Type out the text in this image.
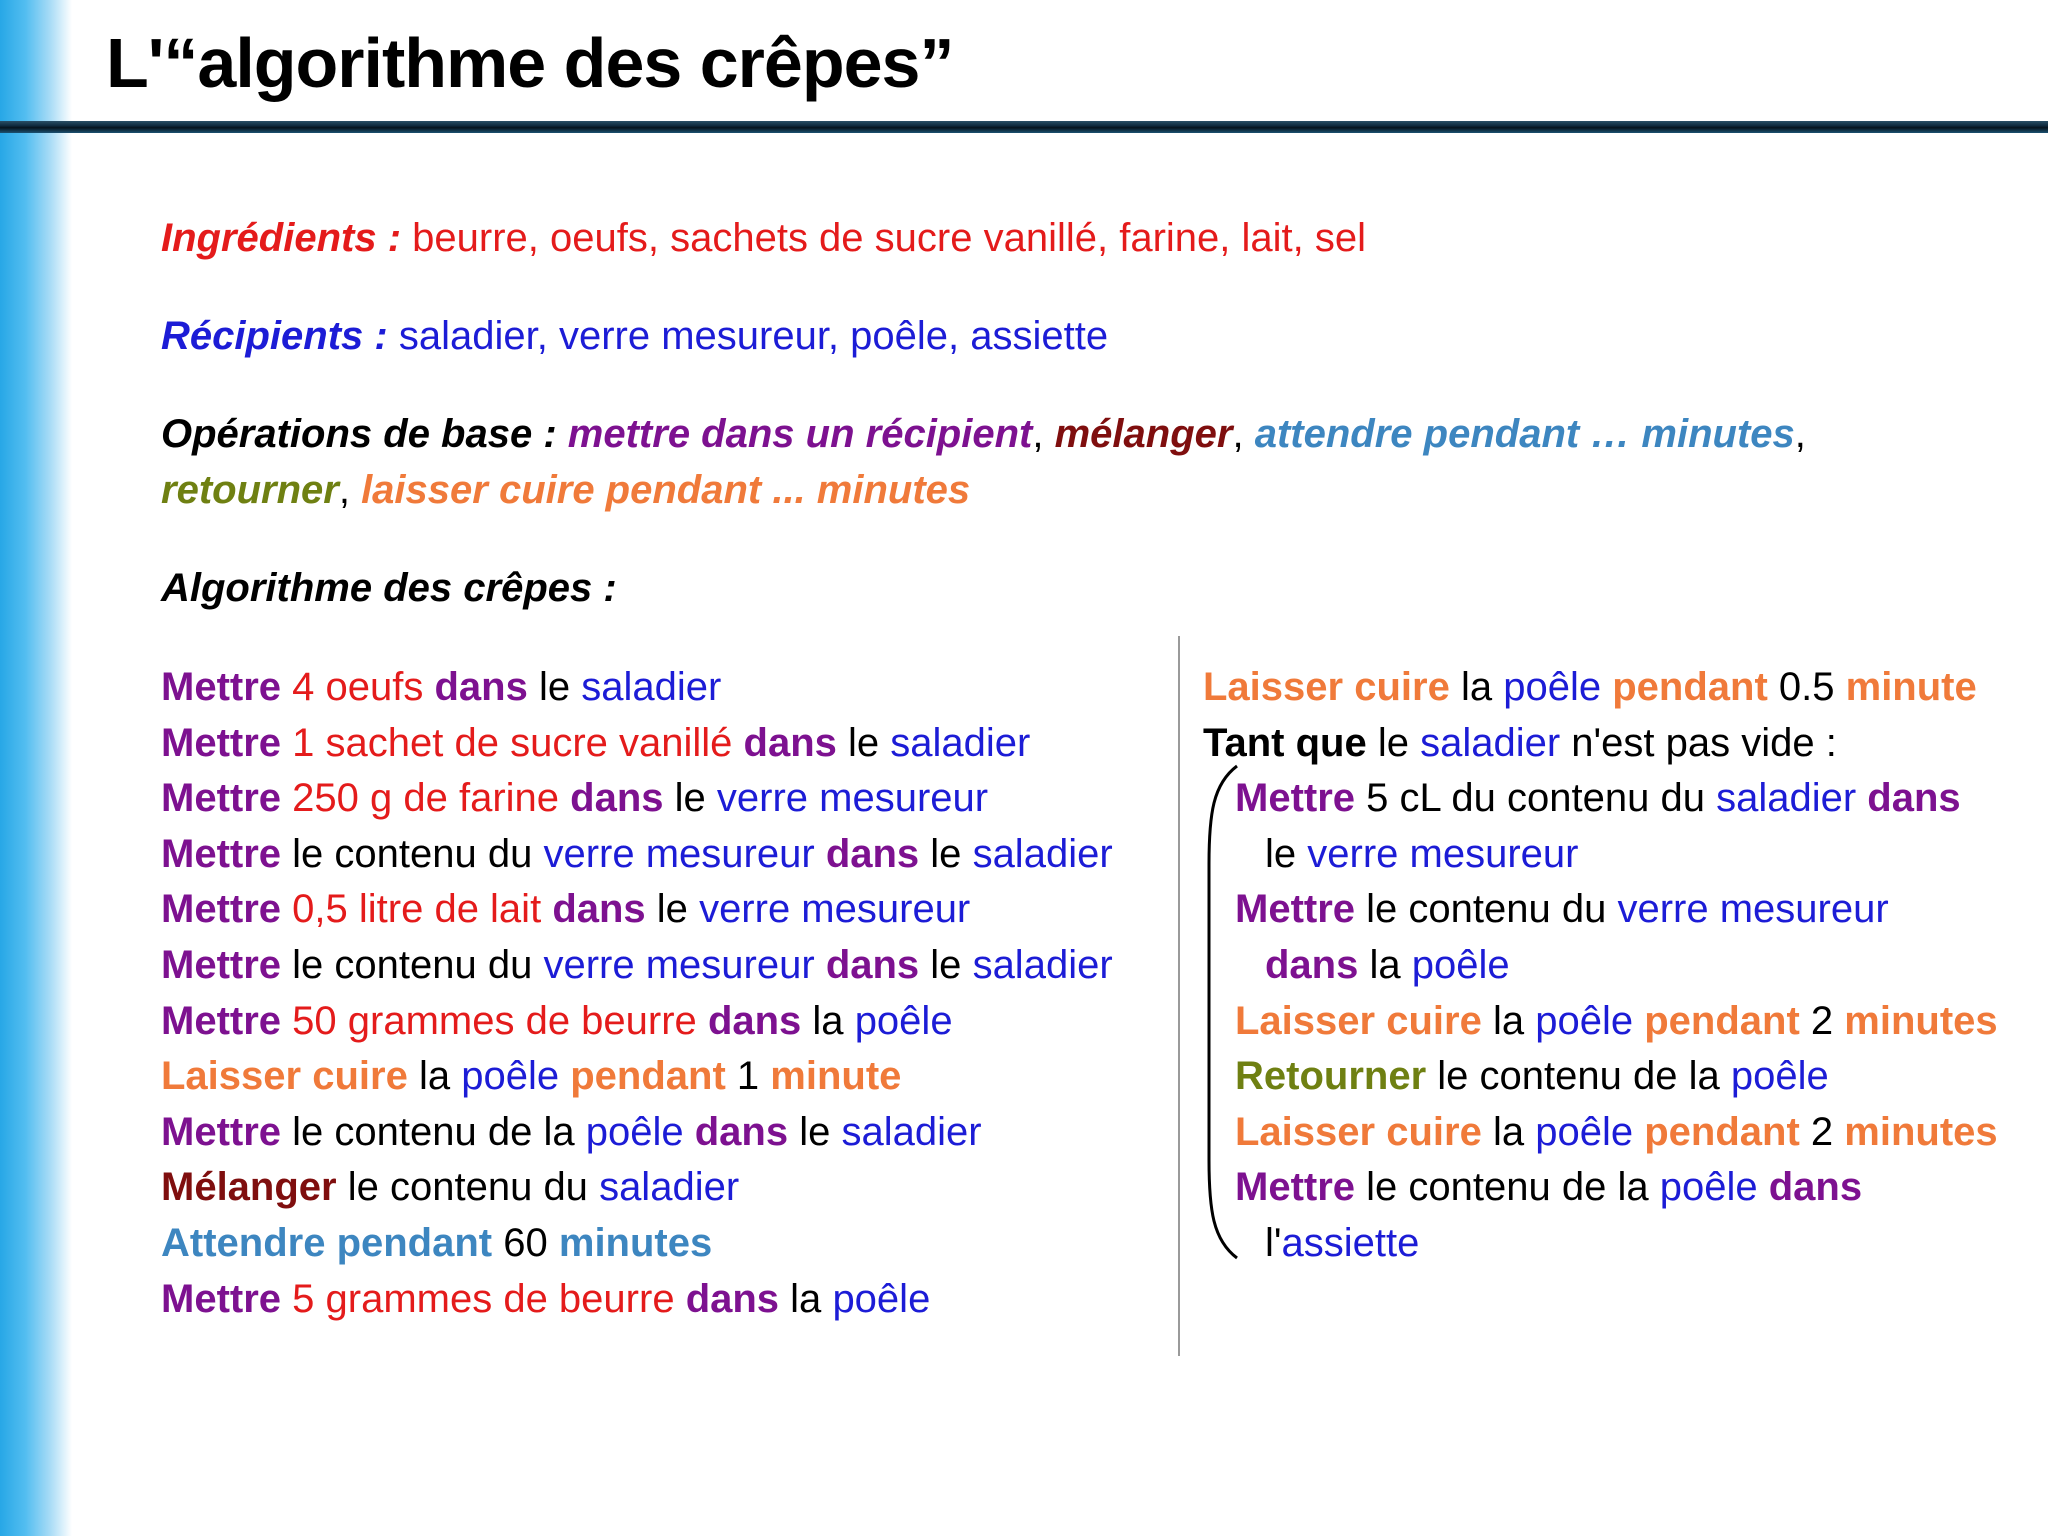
L'“algorithme des crêpes”

Ingrédients : beurre, oeufs, sachets de sucre vanillé, farine, lait, sel

Récipients : saladier, verre mesureur, poêle, assiette

Opérations de base : mettre dans un récipient, mélanger, attendre pendant … minutes,

retourner, laisser cuire pendant ... minutes

Algorithme des crêpes :

Mettre 4 oeufs dans le saladier

Mettre 1 sachet de sucre vanillé dans le saladier

Mettre 250 g de farine dans le verre mesureur

Mettre le contenu du verre mesureur dans le saladier

Mettre 0,5 litre de lait dans le verre mesureur

Mettre le contenu du verre mesureur dans le saladier

Mettre 50 grammes de beurre dans la poêle

Laisser cuire la poêle pendant 1 minute

Mettre le contenu de la poêle dans le saladier

Mélanger le contenu du saladier

Attendre pendant 60 minutes

Mettre 5 grammes de beurre dans la poêle

Laisser cuire la poêle pendant 0.5 minute

Tant que le saladier n'est pas vide :

Mettre 5 cL du contenu du saladier dans

le verre mesureur

Mettre le contenu du verre mesureur

dans la poêle

Laisser cuire la poêle pendant 2 minutes

Retourner le contenu de la poêle

Laisser cuire la poêle pendant 2 minutes

Mettre le contenu de la poêle dans

l'assiette
